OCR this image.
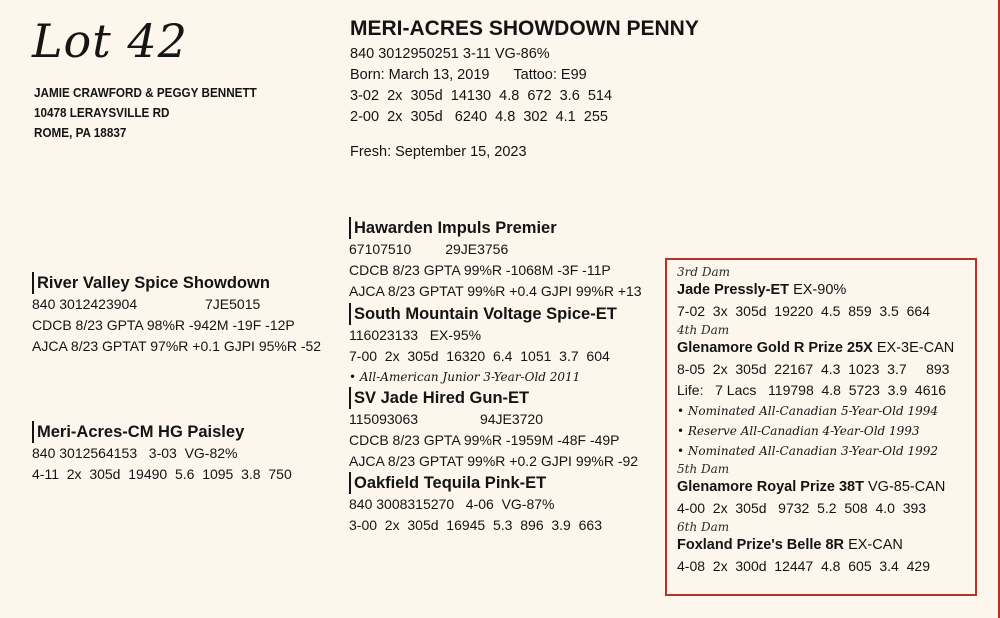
Lot 42
JAMIE CRAWFORD & PEGGY BENNETT
10478 LERAYSVILLE RD
ROME, PA 18837
MERI-ACRES SHOWDOWN PENNY
840 3012950251 3-11 VG-86%
Born: March 13, 2019 Tattoo: E99
3-02  2x  305d  14130  4.8  672  3.6  514
2-00  2x  305d   6240  4.8  302  4.1  255
Fresh: September 15, 2023
River Valley Spice Showdown
840 3012423904	7JE5015
CDCB 8/23 GPTA 98%R -942M -19F -12P
AJCA 8/23 GPTAT 97%R +0.1 GJPI 95%R -52
Meri-Acres-CM HG Paisley
840 3012564153   3-03  VG-82%
4-11  2x  305d  19490  5.6  1095  3.8  750
Hawarden Impuls Premier
67107510 29JE3756
CDCB 8/23 GPTA 99%R -1068M -3F -11P
AJCA 8/23 GPTAT 99%R +0.4 GJPI 99%R +13
South Mountain Voltage Spice-ET
116023133   EX-95%
7-00  2x  305d  16320  6.4  1051  3.7  604
• All-American Junior 3-Year-Old 2011
SV Jade Hired Gun-ET
115093063	94JE3720
CDCB 8/23 GPTA 99%R -1959M -48F -49P
AJCA 8/23 GPTAT 99%R +0.2 GJPI 99%R -92
Oakfield Tequila Pink-ET
840 3008315270   4-06  VG-87%
3-00  2x  305d  16945  5.3  896  3.9  663
3rd Dam
Jade Pressly-ET EX-90%
7-02  3x  305d  19220  4.5  859  3.5  664
4th Dam
Glenamore Gold R Prize 25X EX-3E-CAN
8-05  2x  305d  22167  4.3  1023  3.7     893
Life:   7 Lacs   119798  4.8  5723  3.9  4616
• Nominated All-Canadian 5-Year-Old 1994
• Reserve All-Canadian 4-Year-Old 1993
• Nominated All-Canadian 3-Year-Old 1992
5th Dam
Glenamore Royal Prize 38T VG-85-CAN
4-00  2x  305d   9732  5.2  508  4.0  393
6th Dam
Foxland Prize's Belle 8R EX-CAN
4-08  2x  300d  12447  4.8  605  3.4  429
